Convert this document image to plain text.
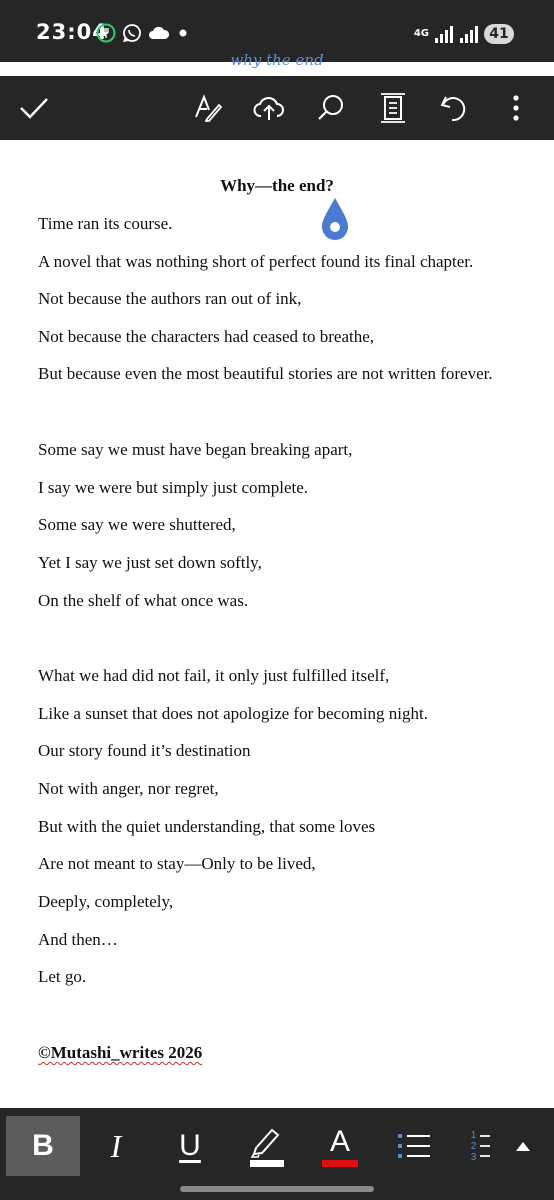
23:04	4G	41
why the end
Why—the end?
Time ran its course.
A novel that was nothing short of perfect found its final chapter.
Not because the authors ran out of ink,
Not because the characters had ceased to breathe,
But because even the most beautiful stories are not written forever.
Some say we must have began breaking apart,
I say we were but simply just complete.
Some say we were shuttered,
Yet I say we just set down softly,
On the shelf of what once was.
What we had did not fail, it only just fulfilled itself,
Like a sunset that does not apologize for becoming night.
Our story found it’s destination
Not with anger, nor regret,
But with the quiet understanding, that some loves
Are not meant to stay—Only to be lived,
Deeply, completely,
And then…
Let go.
©Mutashi_writes 2026
B	I	U	A	1
2
3
